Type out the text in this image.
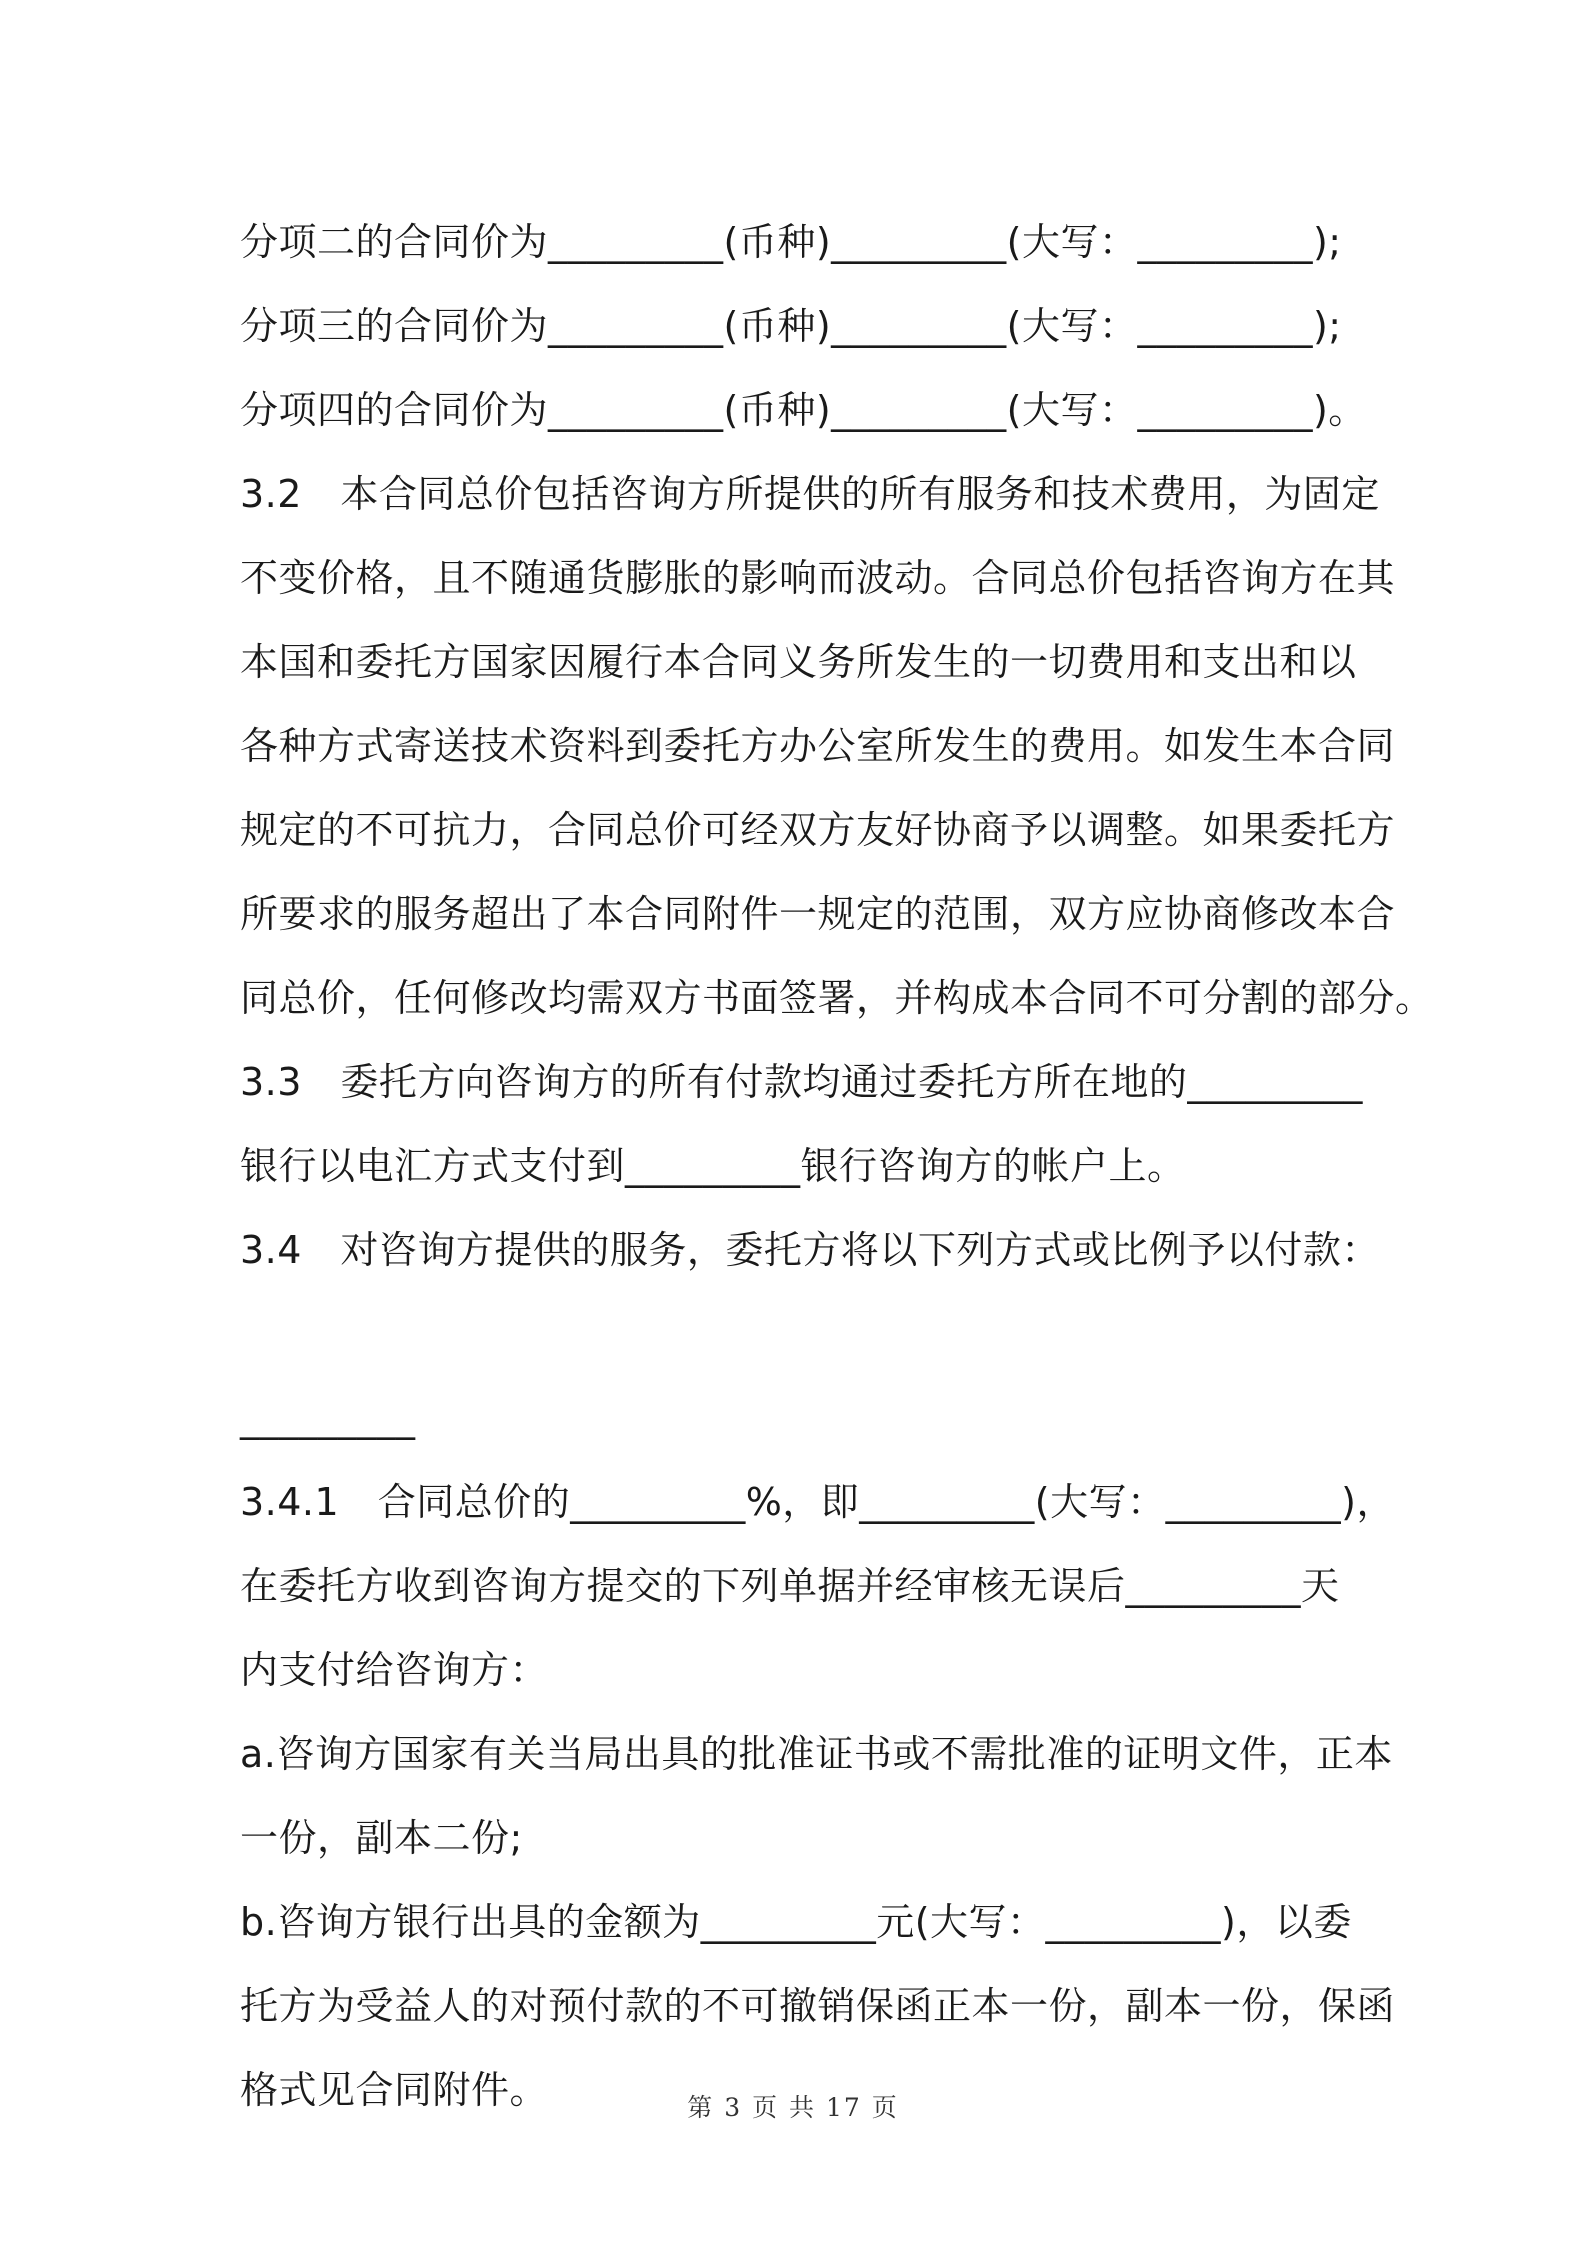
分项二的合同价为_________(币种)_________(大写：_________);
分项三的合同价为_________(币种)_________(大写：_________);
分项四的合同价为_________(币种)_________(大写：_________)。
3.2　本合同总价包括咨询方所提供的所有服务和技术费用，为固定
不变价格，且不随通货膨胀的影响而波动。合同总价包括咨询方在其
本国和委托方国家因履行本合同义务所发生的一切费用和支出和以
各种方式寄送技术资料到委托方办公室所发生的费用。如发生本合同
规定的不可抗力，合同总价可经双方友好协商予以调整。如果委托方
所要求的服务超出了本合同附件一规定的范围，双方应协商修改本合
同总价，任何修改均需双方书面签署，并构成本合同不可分割的部分。
3.3　委托方向咨询方的所有付款均通过委托方所在地的_________
银行以电汇方式支付到_________银行咨询方的帐户上。
3.4　对咨询方提供的服务，委托方将以下列方式或比例予以付款：
_________
3.4.1　合同总价的_________%，即_________(大写：_________)，
在委托方收到咨询方提交的下列单据并经审核无误后_________天
内支付给咨询方：
a.咨询方国家有关当局出具的批准证书或不需批准的证明文件，正本
一份，副本二份;
b.咨询方银行出具的金额为_________元(大写：_________)，以委
托方为受益人的对预付款的不可撤销保函正本一份，副本一份，保函
格式见合同附件。	第 3 页 共 17 页
